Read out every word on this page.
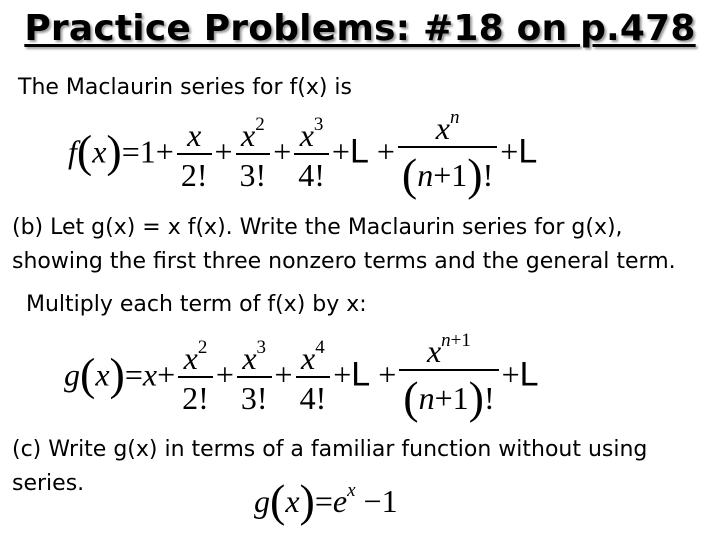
Practice Problems: #18 on p.478
The Maclaurin series for f(x) is
$f(x)=1+ \frac{x}{2!} + \frac{x^2}{3!} + \frac{x^3}{4!} +L + \frac{x^n}{(n+1)!} +L$
(b) Let g(x) = x f(x). Write the Maclaurin series for g(x),
showing the first three nonzero terms and the general term.
Multiply each term of f(x) by x:
$g(x)=x+ \frac{x^2}{2!} + \frac{x^3}{3!} + \frac{x^4}{4!} +L + \frac{x^{n+1}}{(n+1)!} +L$
(c) Write g(x) in terms of a familiar function without using
series.	$g(x)=e^x -1$
